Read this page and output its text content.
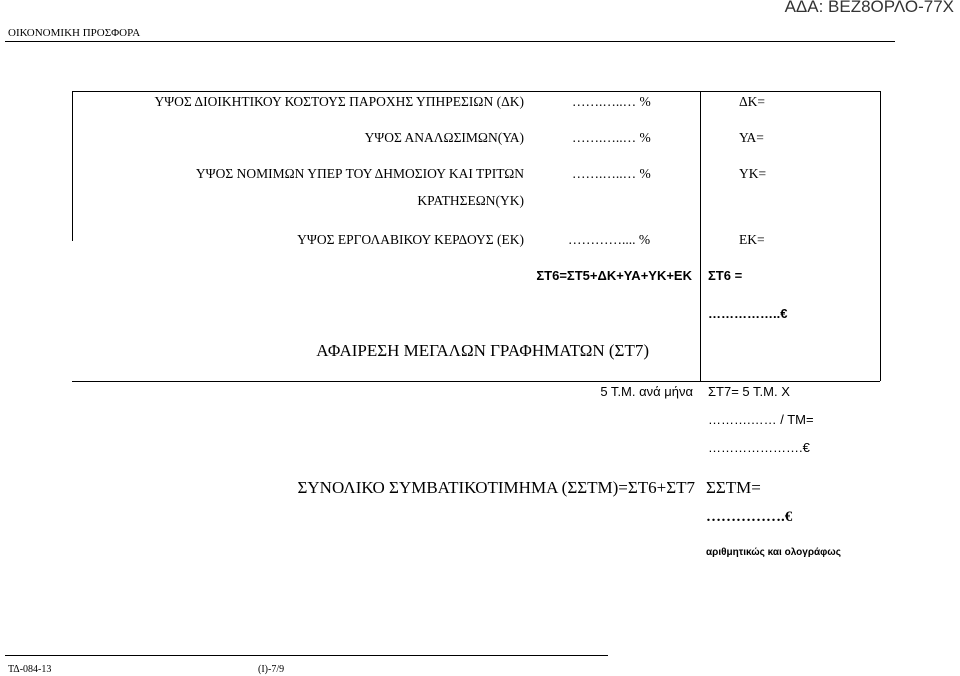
ΑΔΑ: ΒΕΖ8ΟΡΛΟ-77Χ
ΟΙΚΟΝΟΜΙΚΗ ΠΡΟΣΦΟΡΑ
ΥΨΟΣ ΔΙΟΙΚΗΤΙΚΟΥ ΚΟΣΤΟΥΣ ΠΑΡΟΧΗΣ ΥΠΗΡΕΣΙΩΝ (ΔΚ)	…….…..… %	ΔΚ=
ΥΨΟΣ ΑΝΑΛΩΣΙΜΩΝ(ΥΑ)	…….…..… %	ΥΑ=
ΥΨΟΣ ΝΟΜΙΜΩΝ ΥΠΕΡ ΤΟΥ ΔΗΜΟΣΙΟΥ ΚΑΙ ΤΡΙΤΩΝ
ΚΡΑΤΗΣΕΩΝ(ΥΚ)
…….…..… %	ΥΚ=
ΥΨΟΣ ΕΡΓΟΛΑΒΙΚΟΥ ΚΕΡΔΟΥΣ (ΕΚ)	………….... %	ΕΚ=
ΣΤ6=ΣΤ5+ΔΚ+ΥΑ+ΥΚ+ΕΚ ΣΤ6 =
……………..€
ΑΦΑΙΡΕΣΗ ΜΕΓΑΛΩΝ ΓΡΑΦΗΜΑΤΩΝ (ΣΤ7)
5 Τ.Μ. ανά μήνα ΣΤ7= 5 Τ.Μ. Χ
……….…… / ΤΜ=
………………….€
ΣΥΝΟΛΙΚΟ ΣΥΜΒΑΤΙΚΟΤΙΜΗΜΑ (ΣΣΤΜ)=ΣΤ6+ΣΤ7 ΣΣΤΜ=
…………….€
αριθμητικώς και ολογράφως
ΤΔ-084-13	(Ι)-7/9
